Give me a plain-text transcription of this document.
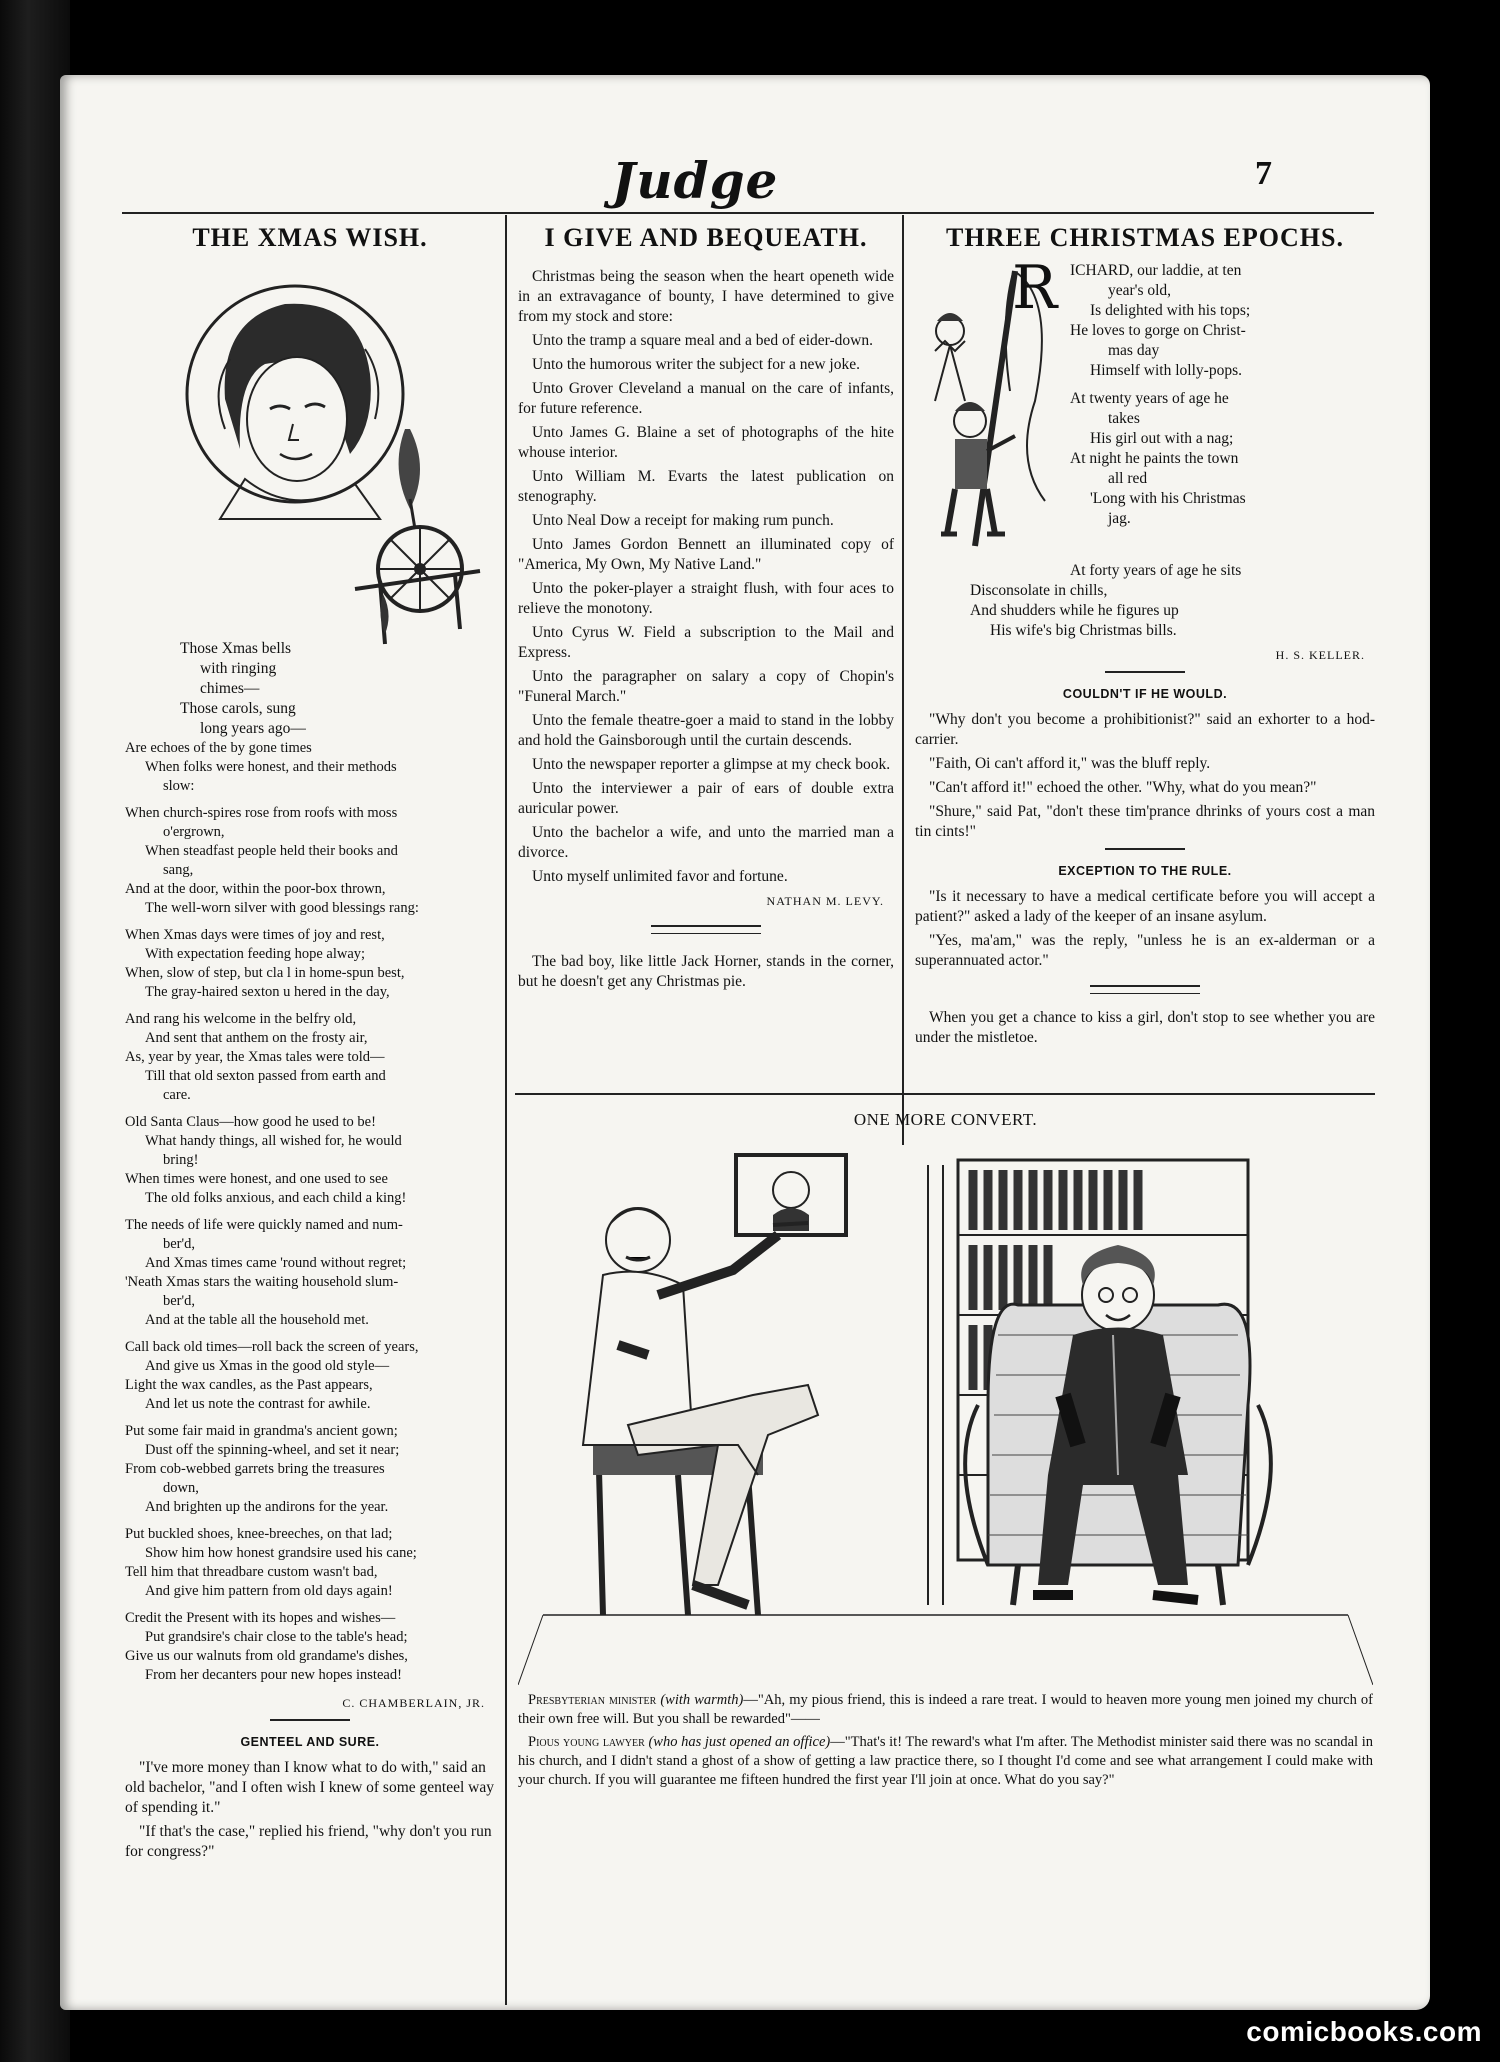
Judge	7
THE XMAS WISH.
Those Xmas bells
with ringing
chimes—
Those carols, sung
long years ago—
Are echoes of the by gone times
When folks were honest, and their methods
slow:
When church-spires rose from roofs with moss
o'ergrown,
When steadfast people held their books and
sang,
And at the door, within the poor-box thrown,
The well-worn silver with good blessings rang:
When Xmas days were times of joy and rest,
With expectation feeding hope alway;
When, slow of step, but cla l in home-spun best,
The gray-haired sexton u hered in the day,
And rang his welcome in the belfry old,
And sent that anthem on the frosty air,
As, year by year, the Xmas tales were told—
Till that old sexton passed from earth and
care.
Old Santa Claus—how good he used to be!
What handy things, all wished for, he would
bring!
When times were honest, and one used to see
The old folks anxious, and each child a king!
The needs of life were quickly named and num-
ber'd,
And Xmas times came 'round without regret;
'Neath Xmas stars the waiting household slum-
ber'd,
And at the table all the household met.
Call back old times—roll back the screen of years,
And give us Xmas in the good old style—
Light the wax candles, as the Past appears,
And let us note the contrast for awhile.
Put some fair maid in grandma's ancient gown;
Dust off the spinning-wheel, and set it near;
From cob-webbed garrets bring the treasures
down,
And brighten up the andirons for the year.
Put buckled shoes, knee-breeches, on that lad;
Show him how honest grandsire used his cane;
Tell him that threadbare custom wasn't bad,
And give him pattern from old days again!
Credit the Present with its hopes and wishes—
Put grandsire's chair close to the table's head;
Give us our walnuts from old grandame's dishes,
From her decanters pour new hopes instead!
C. CHAMBERLAIN, JR.
GENTEEL AND SURE.

"I've more money than I know what to do with," said an old bachelor, "and I often wish I knew of some genteel way of spending it."

"If that's the case," replied his friend, "why don't you run for congress?"

I GIVE AND BEQUEATH.

Christmas being the season when the heart openeth wide in an extravagance of bounty, I have determined to give from my stock and store:

Unto the tramp a square meal and a bed of eider-down.

Unto the humorous writer the subject for a new joke.

Unto Grover Cleveland a manual on the care of infants, for future reference.

Unto James G. Blaine a set of photographs of the hite whouse interior.

Unto William M. Evarts the latest publication on stenography.

Unto Neal Dow a receipt for making rum punch.

Unto James Gordon Bennett an illuminated copy of "America, My Own, My Native Land."

Unto the poker-player a straight flush, with four aces to relieve the monotony.

Unto Cyrus W. Field a subscription to the Mail and Express.

Unto the paragrapher on salary a copy of Chopin's "Funeral March."

Unto the female theatre-goer a maid to stand in the lobby and hold the Gainsborough until the curtain descends.

Unto the newspaper reporter a glimpse at my check book.

Unto the interviewer a pair of ears of double extra auricular power.

Unto the bachelor a wife, and unto the married man a divorce.

Unto myself unlimited favor and fortune.

NATHAN M. LEVY.

The bad boy, like little Jack Horner, stands in the corner, but he doesn't get any Christmas pie.

THREE CHRISTMAS EPOCHS.
R ICHARD, our laddie, at ten
year's old,
Is delighted with his tops;
He loves to gorge on Christ-
mas day
Himself with lolly-pops.
At twenty years of age he
takes
His girl out with a nag;
At night he paints the town
all red
'Long with his Christmas
jag.
At forty years of age he sits
Disconsolate in chills,
And shudders while he figures up
His wife's big Christmas bills.
H. S. KELLER.
COULDN'T IF HE WOULD.

"Why don't you become a prohibitionist?" said an exhorter to a hod-carrier.

"Faith, Oi can't afford it," was the bluff reply.

"Can't afford it!" echoed the other. "Why, what do you mean?"

"Shure," said Pat, "don't these tim'prance dhrinks of yours cost a man tin cints!"

EXCEPTION TO THE RULE.

"Is it necessary to have a medical certificate before you will accept a patient?" asked a lady of the keeper of an insane asylum.

"Yes, ma'am," was the reply, "unless he is an ex-alderman or a superannuated actor."

When you get a chance to kiss a girl, don't stop to see whether you are under the mistletoe.

ONE MORE CONVERT.

Presbyterian minister (with warmth)—"Ah, my pious friend, this is indeed a rare treat. I would to heaven more young men joined my church of their own free will. But you shall be rewarded"——

Pious young lawyer (who has just opened an office)—"That's it! The reward's what I'm after. The Methodist minister said there was no scandal in his church, and I didn't stand a ghost of a show of getting a law practice there, so I thought I'd come and see what arrangement I could make with your church. If you will guarantee me fifteen hundred the first year I'll join at once. What do you say?"

comicbooks.com
